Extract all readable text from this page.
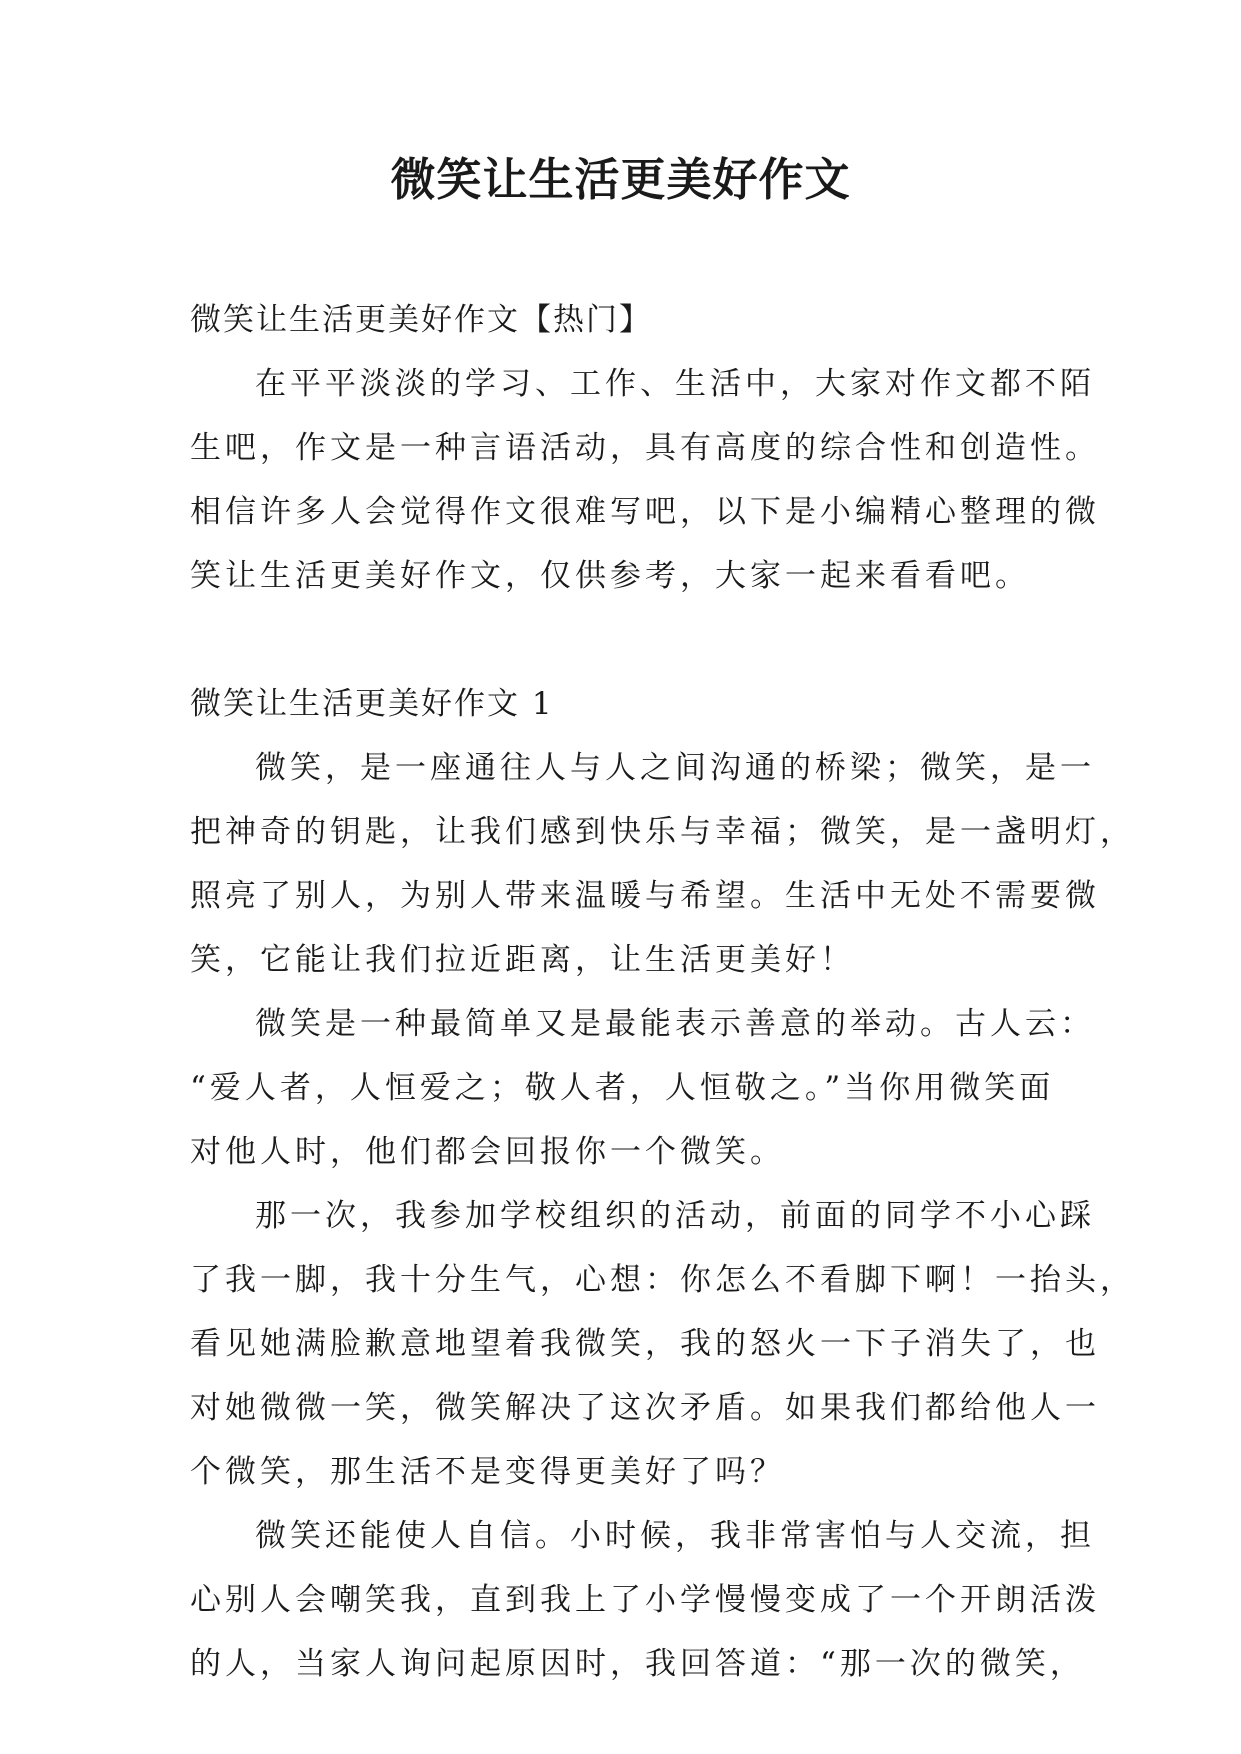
微笑让生活更美好作文
微笑让生活更美好作文【热门】
在平平淡淡的学习、工作、生活中，大家对作文都不陌
生吧，作文是一种言语活动，具有高度的综合性和创造性。
相信许多人会觉得作文很难写吧，以下是小编精心整理的微
笑让生活更美好作文，仅供参考，大家一起来看看吧。
微笑让生活更美好作文 1
微笑，是一座通往人与人之间沟通的桥梁；微笑，是一
把神奇的钥匙，让我们感到快乐与幸福；微笑，是一盏明灯，
照亮了别人，为别人带来温暖与希望。生活中无处不需要微
笑，它能让我们拉近距离，让生活更美好！
微笑是一种最简单又是最能表示善意的举动。古人云：
“爱人者，人恒爱之；敬人者，人恒敬之。”当你用微笑面
对他人时，他们都会回报你一个微笑。
那一次，我参加学校组织的活动，前面的同学不小心踩
了我一脚，我十分生气，心想：你怎么不看脚下啊！一抬头，
看见她满脸歉意地望着我微笑，我的怒火一下子消失了，也
对她微微一笑，微笑解决了这次矛盾。如果我们都给他人一
个微笑，那生活不是变得更美好了吗？
微笑还能使人自信。小时候，我非常害怕与人交流，担
心别人会嘲笑我，直到我上了小学慢慢变成了一个开朗活泼
的人，当家人询问起原因时，我回答道：“那一次的微笑，
